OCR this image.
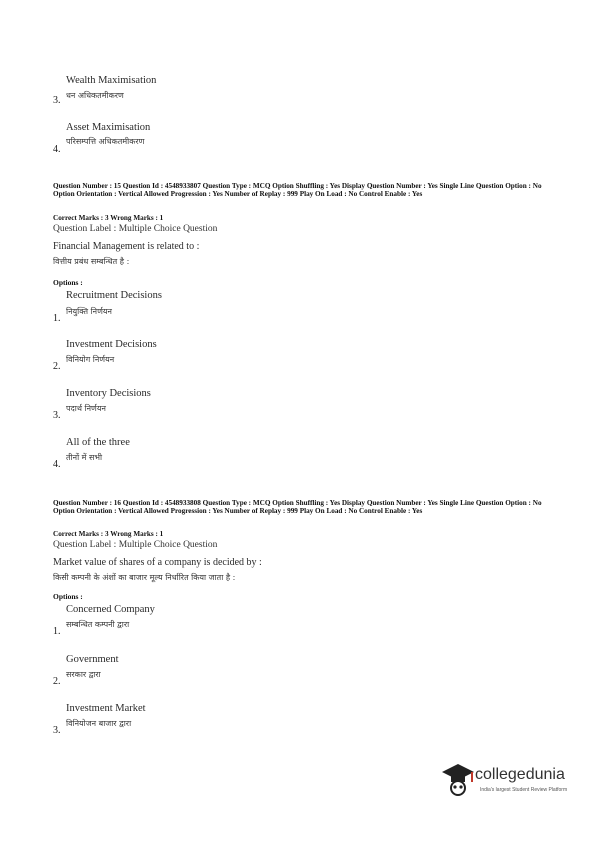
Wealth Maximisation
धन अधिकतमीकरण
3.
Asset Maximisation
परिसम्पत्ति अधिकतमीकरण
4.
Question Number : 15 Question Id : 4548933807 Question Type : MCQ Option Shuffling : Yes Display Question Number : Yes Single Line Question Option : No Option Orientation : Vertical Allowed Progression : Yes Number of Replay : 999 Play On Load : No Control Enable : Yes
Correct Marks : 3 Wrong Marks : 1
Question Label : Multiple Choice Question
Financial Management is related to :
वित्तीय प्रबंध सम्बन्धित है :
Options :
Recruitment Decisions
नियुक्ति निर्णयन
1.
Investment Decisions
विनियोग निर्णयन
2.
Inventory Decisions
पदार्थ निर्णयन
3.
All of the three
तीनों में सभी
4.
Question Number : 16 Question Id : 4548933808 Question Type : MCQ Option Shuffling : Yes Display Question Number : Yes Single Line Question Option : No Option Orientation : Vertical Allowed Progression : Yes Number of Replay : 999 Play On Load : No Control Enable : Yes
Correct Marks : 3 Wrong Marks : 1
Question Label : Multiple Choice Question
Market value of shares of a company is decided by :
किसी कम्पनी के अंशों का बाजार मूल्य निर्धारित किया जाता है :
Options :
Concerned Company
सम्बन्धित कम्पनी द्वारा
1.
Government
सरकार द्वारा
2.
Investment Market
विनियोजन बाजार द्वारा
3.
collegedunia
India's largest Student Review Platform
